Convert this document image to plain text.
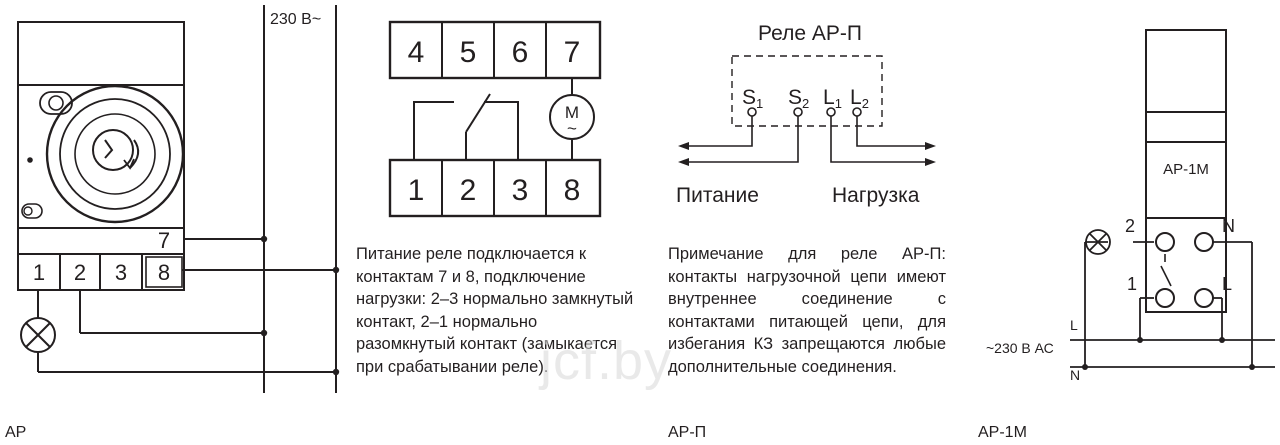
230 В~
1 2 3 8
7
4 5 6 7
1 2 3 8
M
~
Реле АР-П
S1 S2 L1 L2
Питание	Нагрузка
АР-1М
2
1
N
L
L
~230 В АС
N
Питание реле подключается к контактам 7 и 8, подключение нагрузки: 2–3 нормально замкнутый контакт, 2–1 нормально разомкнутый контакт (замыкается при срабатывании реле).
Примечание для реле АР-П: контакты нагрузочной цепи имеют внутреннее соединение с контактами питающей цепи, для избегания КЗ запрещаются любые дополнительные соединения.
jcf.by
АР	АР-П	АР-1М
